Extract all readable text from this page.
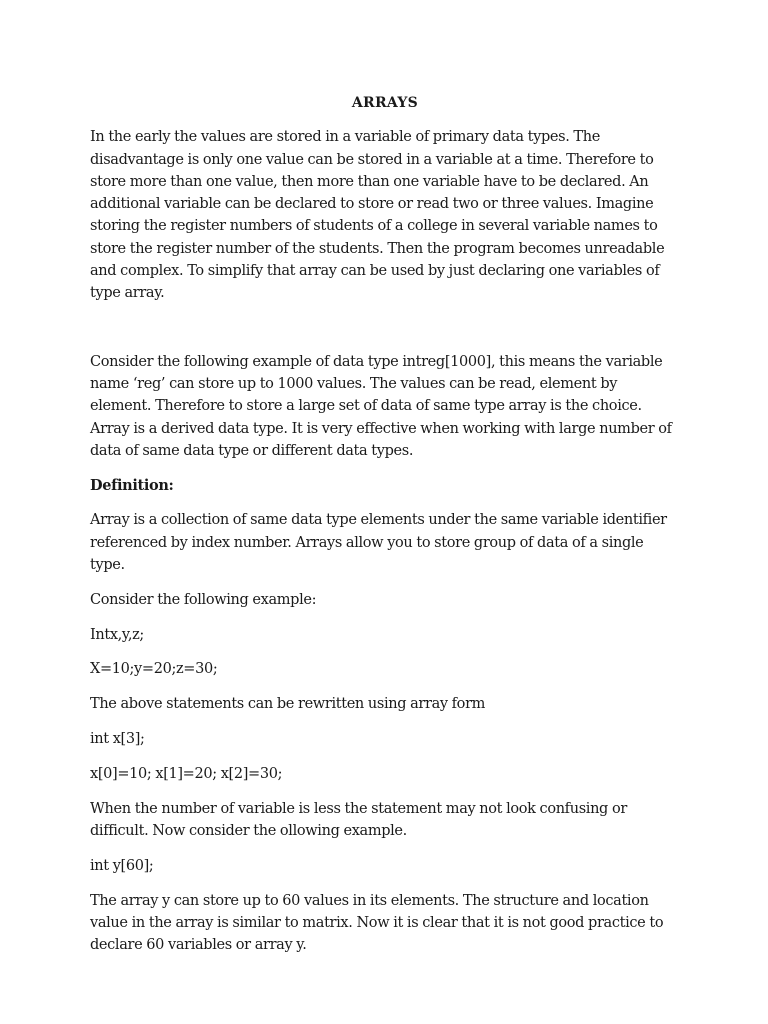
ARRAYS

In the early the values are stored in a variable of primary data types. The disadvantage is only one value can be stored in a variable at a time. Therefore to store more than one value, then more than one variable have to be declared. An additional variable can be declared to store or read two or three values. Imagine storing the register numbers of students of a college in several variable names to store the register number of the students. Then the program becomes unreadable and complex. To simplify that array can be used by just declaring one variables of type array.

Consider the following example of data type intreg[1000], this means the variable name ‘reg’ can store up to 1000 values. The values can be read, element by element. Therefore to store a large set of data of same type array is the choice. Array is a derived data type. It is very effective when working with large number of data of same data type or different data types.

Definition:

Array is a collection of same data type elements under the same variable identifier referenced by index number. Arrays allow you to store group of data of a single type.

Consider the following example:

Intx,y,z;

X=10;y=20;z=30;

The above statements can be rewritten using array form

int x[3];

x[0]=10; x[1]=20; x[2]=30;

When the number of variable is less the statement may not look confusing or difficult. Now consider the ollowing example.

int y[60];

The array y can store up to 60 values in its elements. The structure and location value in the array is similar to matrix. Now it is clear that it is not good practice to declare 60 variables or array y.
